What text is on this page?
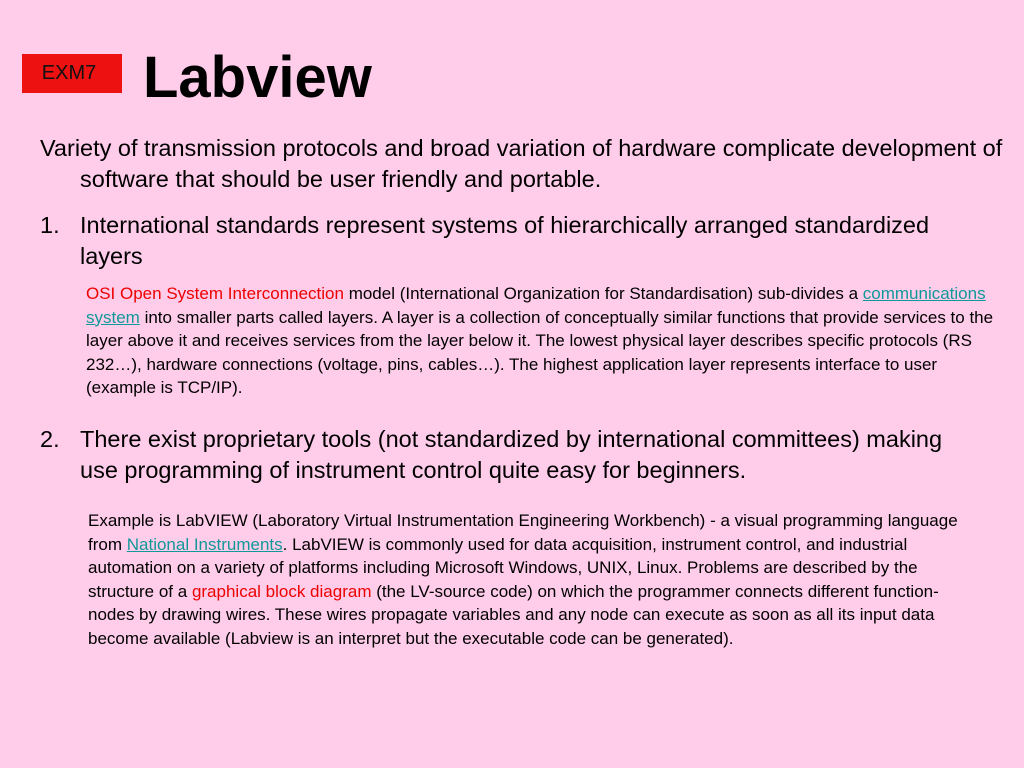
EXM7 Labview

Variety of transmission protocols and broad variation of hardware complicate development of software that should be user friendly and portable.

1. International standards represent systems of hierarchically arranged standardized layers

OSI Open System Interconnection model (International Organization for Standardisation) sub-divides a communications system into smaller parts called layers. A layer is a collection of conceptually similar functions that provide services to the layer above it and receives services from the layer below it. The lowest physical layer describes specific protocols (RS 232…), hardware connections (voltage, pins, cables…). The highest application layer represents interface to user (example is TCP/IP).

2. There exist proprietary tools (not standardized by international committees) making use programming of instrument control quite easy for beginners.

Example is LabVIEW (Laboratory Virtual Instrumentation Engineering Workbench) - a visual programming language from National Instruments. LabVIEW is commonly used for data acquisition, instrument control, and industrial automation on a variety of platforms including Microsoft Windows, UNIX, Linux. Problems are described by the structure of a graphical block diagram (the LV-source code) on which the programmer connects different function-nodes by drawing wires. These wires propagate variables and any node can execute as soon as all its input data become available (Labview is an interpret but the executable code can be generated).
